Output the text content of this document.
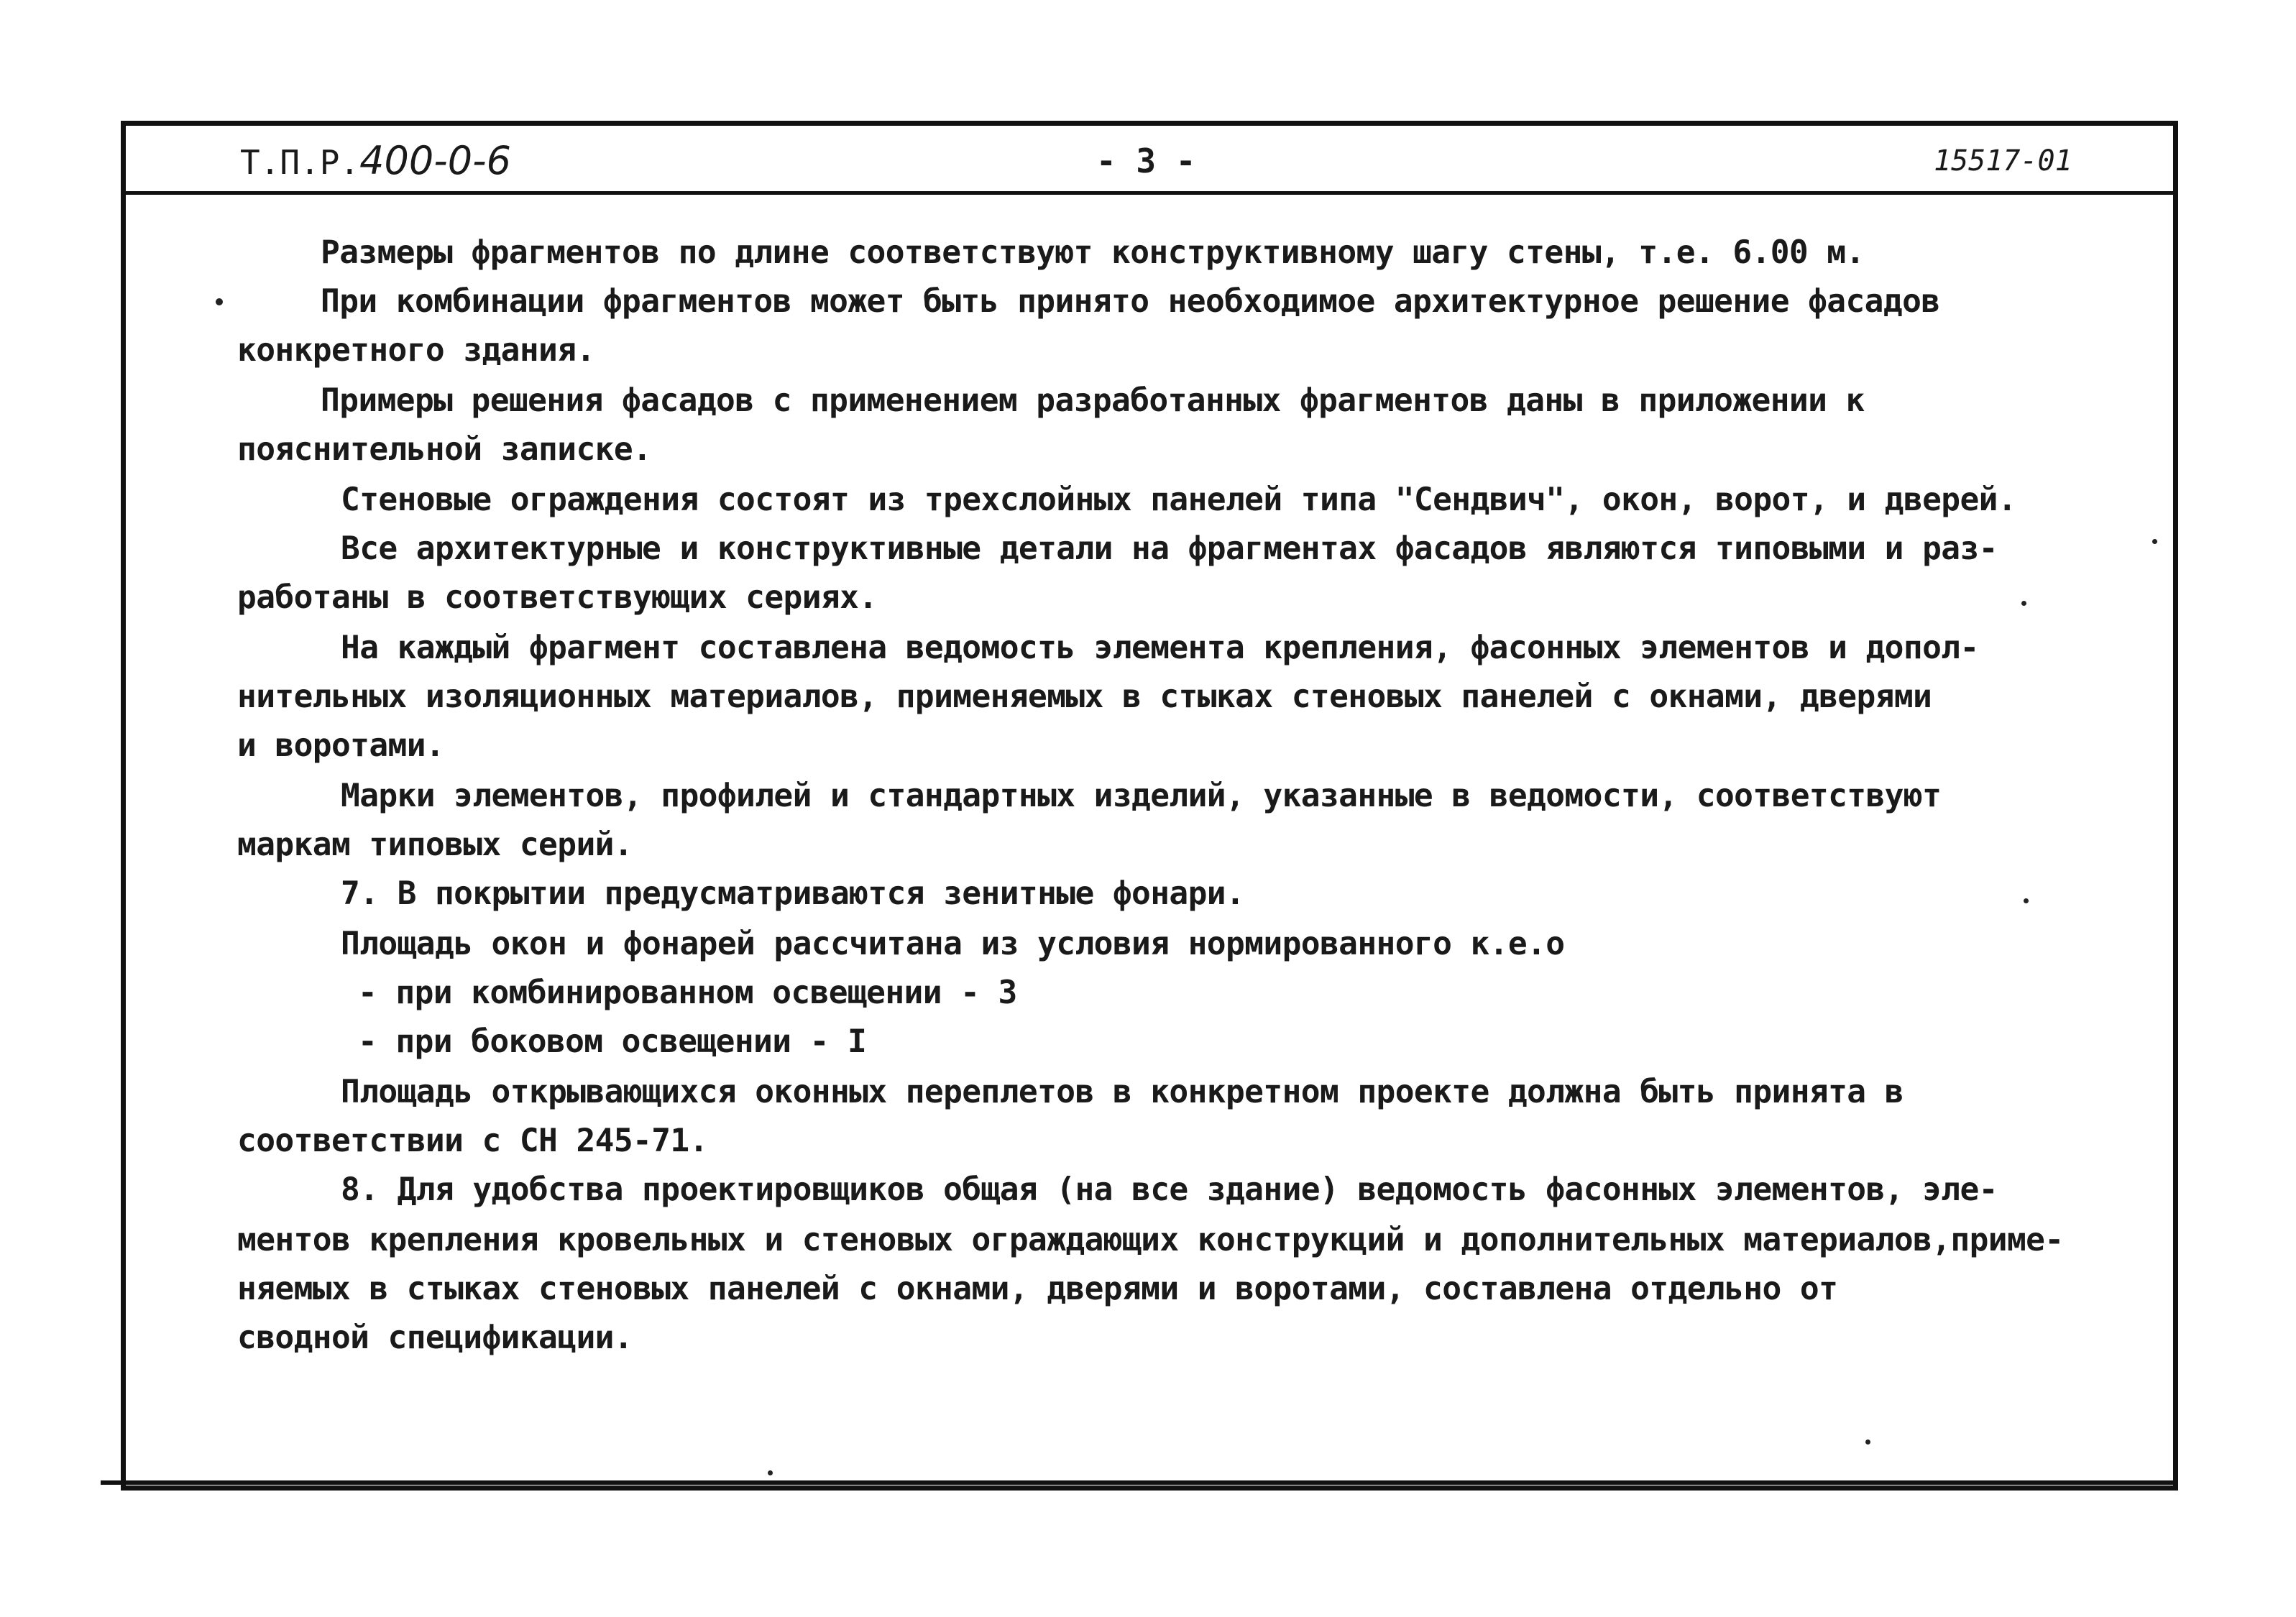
Т.П.Р.400-0-6	- 3 -	15517-01
Размеры фрагментов по длине соответствуют конструктивному шагу стены, т.е. 6.00 м.
При комбинации фрагментов может быть принято необходимое архитектурное решение фасадов
конкретного здания.
Примеры решения фасадов с применением разработанных фрагментов даны в приложении к
пояснительной записке.
Стеновые ограждения состоят из трехслойных панелей типа "Сендвич", окон, ворот, и дверей.
Все архитектурные и конструктивные детали на фрагментах фасадов являются типовыми и раз-
работаны в соответствующих сериях.
На каждый фрагмент составлена ведомость элемента крепления, фасонных элементов и допол-
нительных изоляционных материалов, применяемых в стыках стеновых панелей с окнами, дверями
и воротами.
Марки элементов, профилей и стандартных изделий, указанные в ведомости, соответствуют
маркам типовых серий.
7. В покрытии предусматриваются зенитные фонари.
Площадь окон и фонарей рассчитана из условия нормированного к.е.о
- при комбинированном освещении - 3
- при боковом освещении - I
Площадь открывающихся оконных переплетов в конкретном проекте должна быть принята в
соответствии с СН 245-71.
8. Для удобства проектировщиков общая (на все здание) ведомость фасонных элементов, эле-
ментов крепления кровельных и стеновых ограждающих конструкций и дополнительных материалов,приме-
няемых в стыках стеновых панелей с окнами, дверями и воротами, составлена отдельно от
сводной спецификации.
